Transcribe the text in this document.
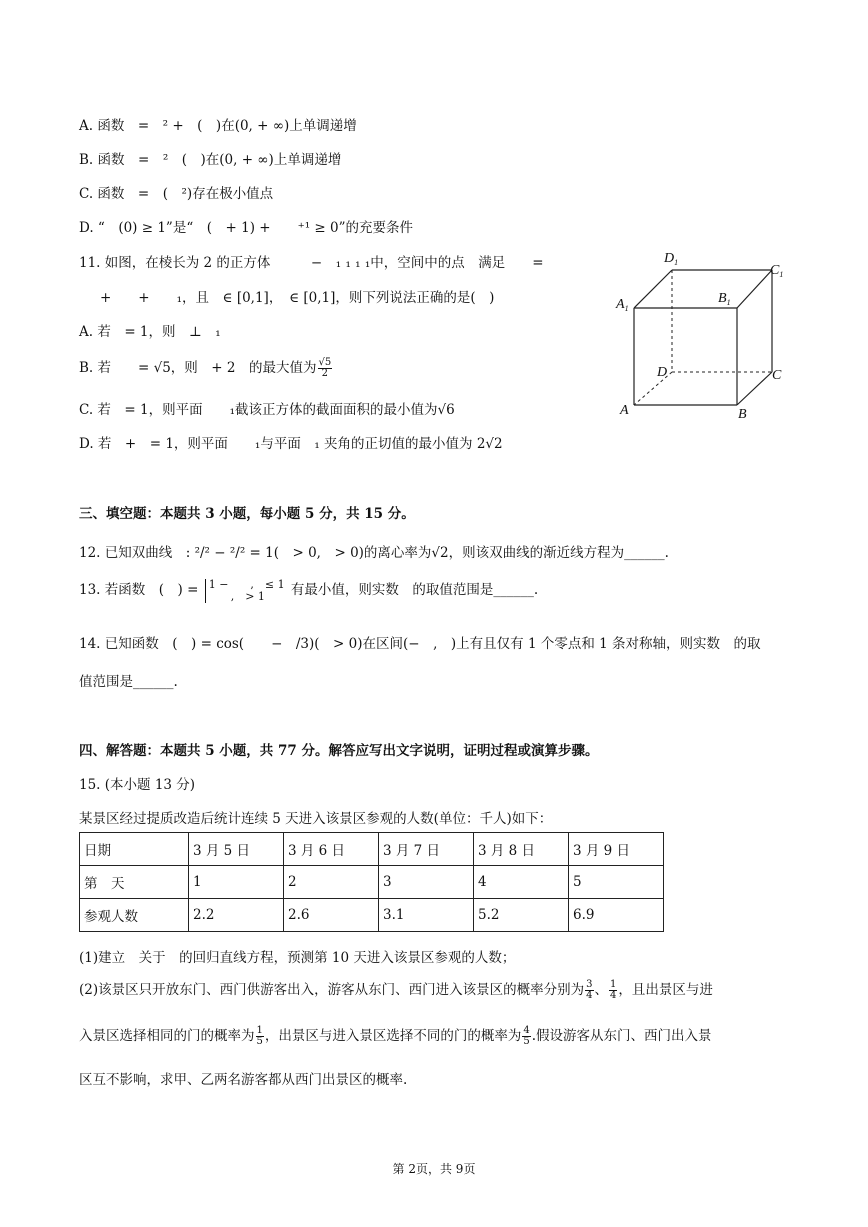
A. 函数　=　² +　(　)在(0, + ∞)上单调递增
B. 函数　=　²　(　)在(0, + ∞)上单调递增
C. 函数　=　(　²)存在极小值点
D. “　(0) ≥ 1”是“　(　+ 1) +　　⁺¹ ≥ 0”的充要条件
11. 如图，在棱长为 2 的正方体　　　−　₁ ₁ ₁ ₁中，空间中的点　满足　　=
+　　+　　₁，且　∈ [0,1]，　∈ [0,1]，则下列说法正确的是(　)
A. 若　= 1，则　⊥　₁
B. 若　　= √5，则　+ 2　的最大值为 $\frac{√5}{2}$
C. 若　= 1，则平面　　₁截该正方体的截面面积的最小值为√6
D. 若　+　= 1，则平面　　₁与平面　₁ 夹角的正切值的最小值为 2√2
$D_1$
$C_1$
$A_1$
$B_1$
D	C
A	B
三、填空题：本题共 3 小题，每小题 5 分，共 15 分。
12. 已知双曲线　: ²/² − ²/² = 1(　> 0,　> 0)的离心率为√2，则该双曲线的渐近线方程为______.
13. 若函数　(　) = 1 −　　,　≤ 1
　　,　> 1	有最小值，则实数　的取值范围是______.
14. 已知函数　(　) = cos(　　−　/3)(　> 0)在区间(−　,　)上有且仅有 1 个零点和 1 条对称轴，则实数　的取
值范围是______.
四、解答题：本题共 5 小题，共 77 分。解答应写出文字说明，证明过程或演算步骤。
15. (本小题 13 分)
某景区经过提质改造后统计连续 5 天进入该景区参观的人数(单位：千人)如下：
日期	3 月 5 日	3 月 6 日	3 月 7 日	3 月 8 日	3 月 9 日
第　天	1	2	3	4	5
参观人数	2.2	2.6	3.1	5.2	6.9
(1)建立　关于　的回归直线方程，预测第 10 天进入该景区参观的人数；
(2)该景区只开放东门、西门供游客出入，游客从东门、西门进入该景区的概率分别为 $\frac{3}{4}$ 、 $\frac{1}{4}$ ，且出景区与进
入景区选择相同的门的概率为 $\frac{1}{5}$ ，出景区与进入景区选择不同的门的概率为 $\frac{4}{5}$ .假设游客从东门、西门出入景
区互不影响，求甲、乙两名游客都从西门出景区的概率.
第 2页，共 9页
